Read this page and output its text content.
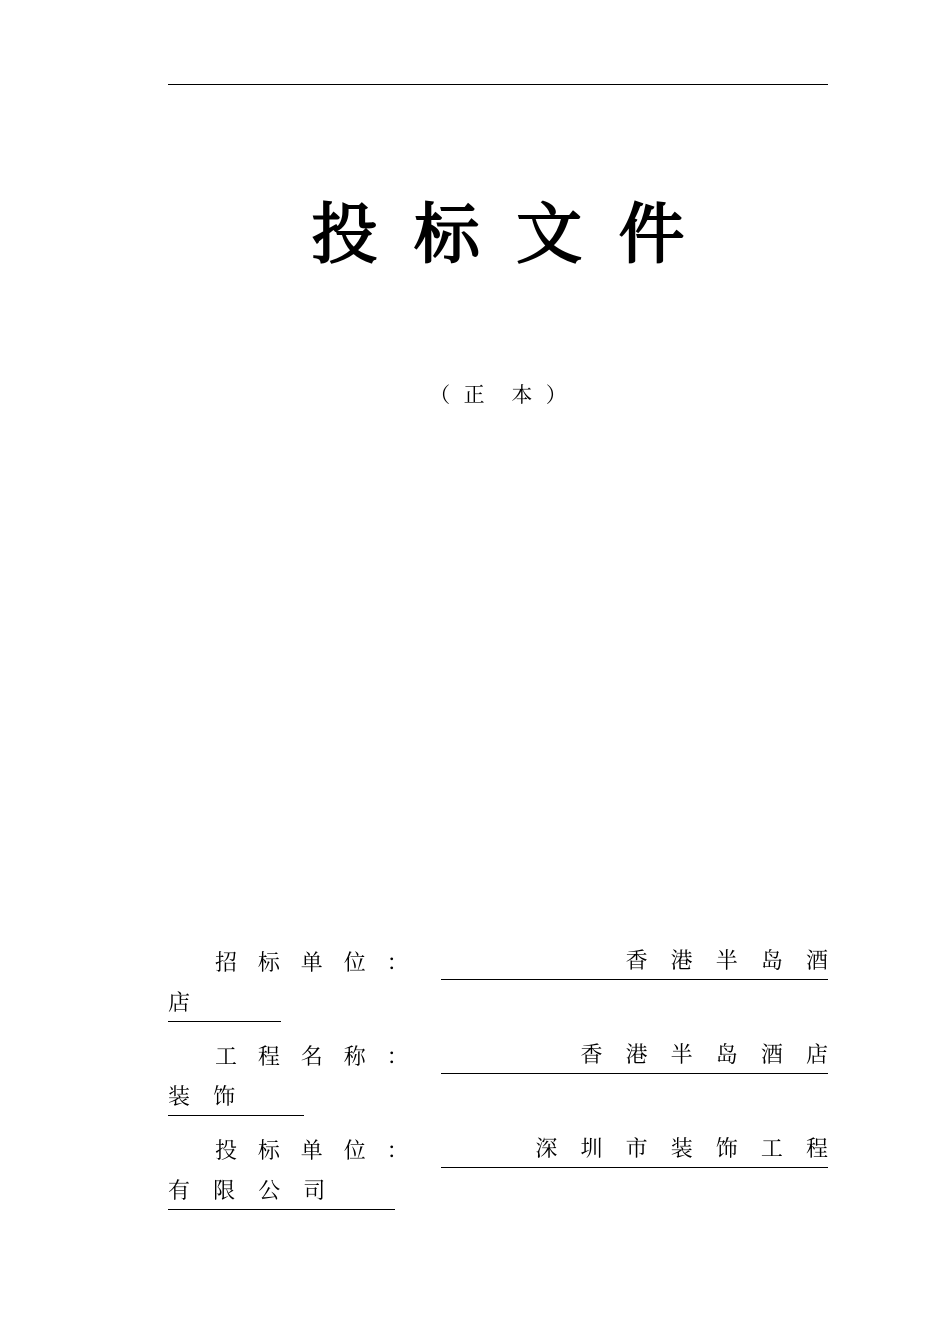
投标文件
（  正    本  ）
招标单位：	香港半岛酒
店
工程名称：	香港半岛酒店
装饰
投标单位：	深圳市装饰工程
有限公司
